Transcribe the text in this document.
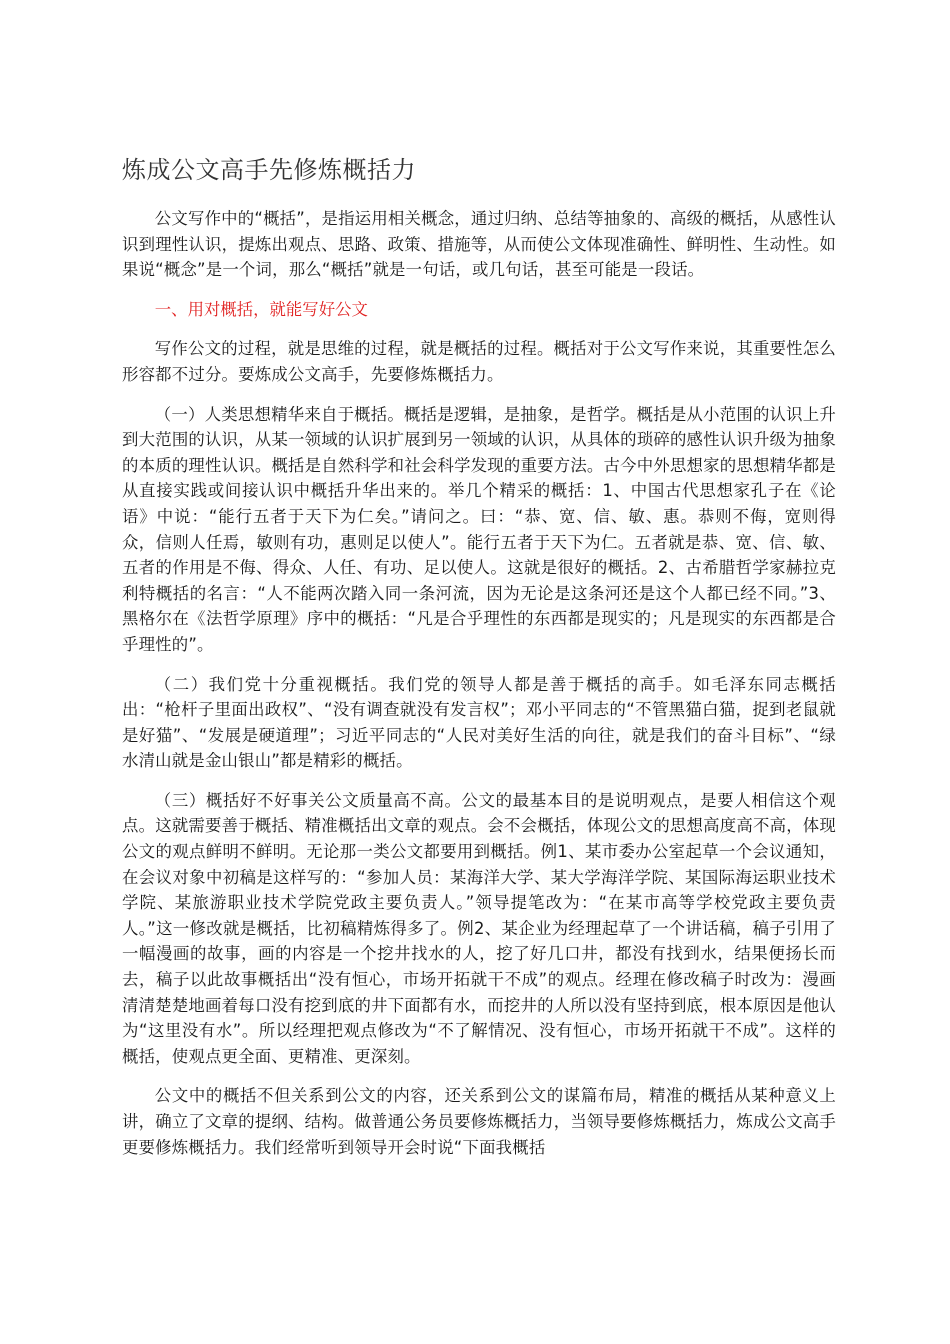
炼成公文高手先修炼概括力

公文写作中的“概括”，是指运用相关概念，通过归纳、总结等抽象的、高级的概括，从感性认识到理性认识，提炼出观点、思路、政策、措施等，从而使公文体现准确性、鲜明性、生动性。如果说“概念”是一个词，那么“概括”就是一句话，或几句话，甚至可能是一段话。

一、用对概括，就能写好公文

写作公文的过程，就是思维的过程，就是概括的过程。概括对于公文写作来说，其重要性怎么形容都不过分。要炼成公文高手，先要修炼概括力。

（一）人类思想精华来自于概括。概括是逻辑，是抽象，是哲学。概括是从小范围的认识上升到大范围的认识，从某一领域的认识扩展到另一领域的认识，从具体的琐碎的感性认识升级为抽象的本质的理性认识。概括是自然科学和社会科学发现的重要方法。古今中外思想家的思想精华都是从直接实践或间接认识中概括升华出来的。举几个精采的概括：1、中国古代思想家孔子在《论语》中说：“能行五者于天下为仁矣。”请问之。曰：“恭、宽、信、敏、惠。恭则不侮，宽则得众，信则人任焉，敏则有功，惠则足以使人”。能行五者于天下为仁。五者就是恭、宽、信、敏、五者的作用是不侮、得众、人任、有功、足以使人。这就是很好的概括。2、古希腊哲学家赫拉克利特概括的名言：“人不能两次踏入同一条河流，因为无论是这条河还是这个人都已经不同。”3、黑格尔在《法哲学原理》序中的概括：“凡是合乎理性的东西都是现实的；凡是现实的东西都是合乎理性的”。

（二）我们党十分重视概括。我们党的领导人都是善于概括的高手。如毛泽东同志概括出：“枪杆子里面出政权”、“没有调查就没有发言权”；邓小平同志的“不管黑猫白猫，捉到老鼠就是好猫”、“发展是硬道理”；习近平同志的“人民对美好生活的向往，就是我们的奋斗目标”、“绿水清山就是金山银山”都是精彩的概括。

（三）概括好不好事关公文质量高不高。公文的最基本目的是说明观点，是要人相信这个观点。这就需要善于概括、精准概括出文章的观点。会不会概括，体现公文的思想高度高不高，体现公文的观点鲜明不鲜明。无论那一类公文都要用到概括。例1、某市委办公室起草一个会议通知，在会议对象中初稿是这样写的：“参加人员：某海洋大学、某大学海洋学院、某国际海运职业技术学院、某旅游职业技术学院党政主要负责人。”领导提笔改为：“在某市高等学校党政主要负责人。”这一修改就是概括，比初稿精炼得多了。例2、某企业为经理起草了一个讲话稿，稿子引用了一幅漫画的故事，画的内容是一个挖井找水的人，挖了好几口井，都没有找到水，结果便扬长而去，稿子以此故事概括出“没有恒心，市场开拓就干不成”的观点。经理在修改稿子时改为：漫画清清楚楚地画着每口没有挖到底的井下面都有水，而挖井的人所以没有坚持到底，根本原因是他认为“这里没有水”。所以经理把观点修改为“不了解情况、没有恒心，市场开拓就干不成”。这样的概括，使观点更全面、更精准、更深刻。

公文中的概括不但关系到公文的内容，还关系到公文的谋篇布局，精准的概括从某种意义上讲，确立了文章的提纲、结构。做普通公务员要修炼概括力，当领导要修炼概括力，炼成公文高手更要修炼概括力。我们经常听到领导开会时说“下面我概括
